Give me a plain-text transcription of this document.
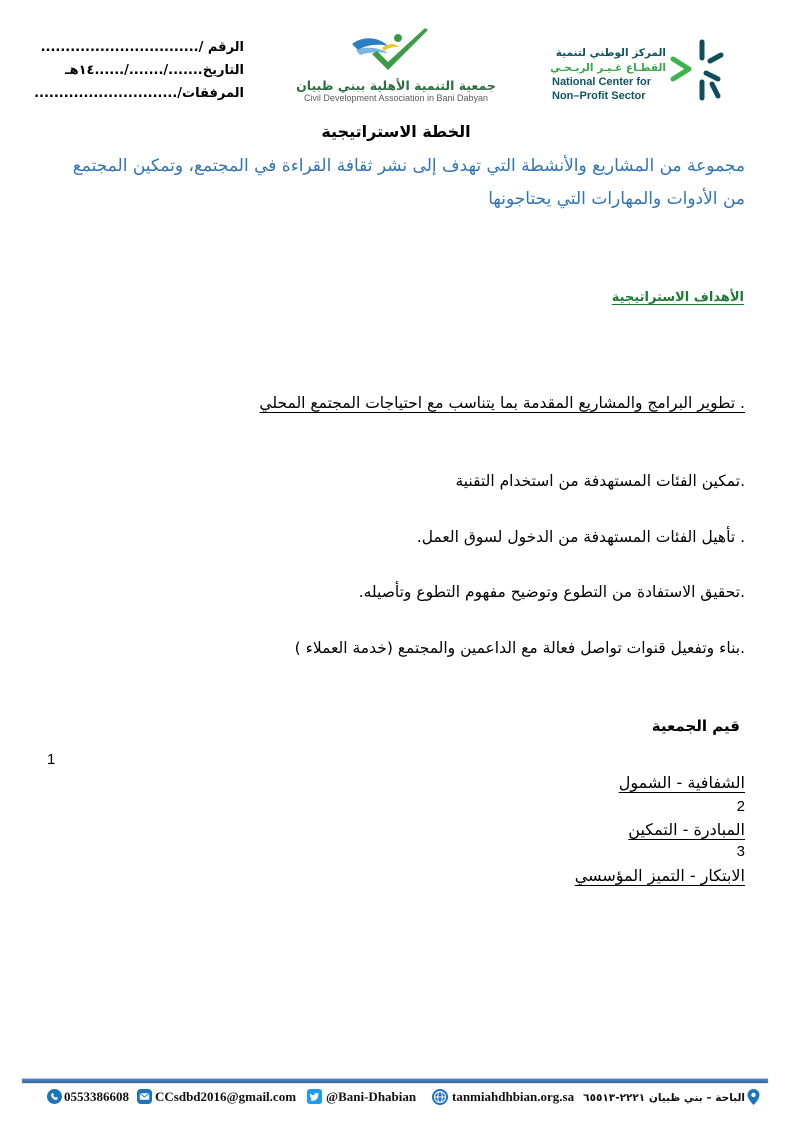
الرقم /................................
التاريخ......./......./......١٤هـ
المرفقات/.............................
جمعية التنمية الأهلية ببني ظبيان
Civil Development Association in Bani Dabyan
المركز الوطني لتنمية
القطـاع غـيـر الربـحـي
National Center for
Non–Profit Sector
الخطة الاستراتيجية
مجموعة من المشاريع والأنشطة التي تهدف إلى نشر ثقافة القراءة في المجتمع، وتمكين المجتمع من الأدوات والمهارات التي يحتاجونها
الأهداف الاستراتيجية
. تطوير البرامج والمشاريع المقدمة بما يتناسب مع احتياجات المجتمع المحلي
.تمكين الفئات المستهدفة من استخدام التقنية
. تأهيل الفئات المستهدفة من الدخول لسوق العمل.
.تحقيق الاستفادة من التطوع وتوضيح مفهوم التطوع وتأصيله.
.بناء وتفعيل قنوات تواصل فعالة مع الداعمين والمجتمع (خدمة العملاء )
قيم الجمعية
1
الشفافية - الشمول
2
المبادرة - التمكين
3
الابتكار - التميز المؤسسي
0553386608 CCsdbd2016@gmail.com @Bani-Dhabian	tanmiahdhbian.org.sa الباحة – بني ظبيان ٢٢٢١-٦٥٥١٣
